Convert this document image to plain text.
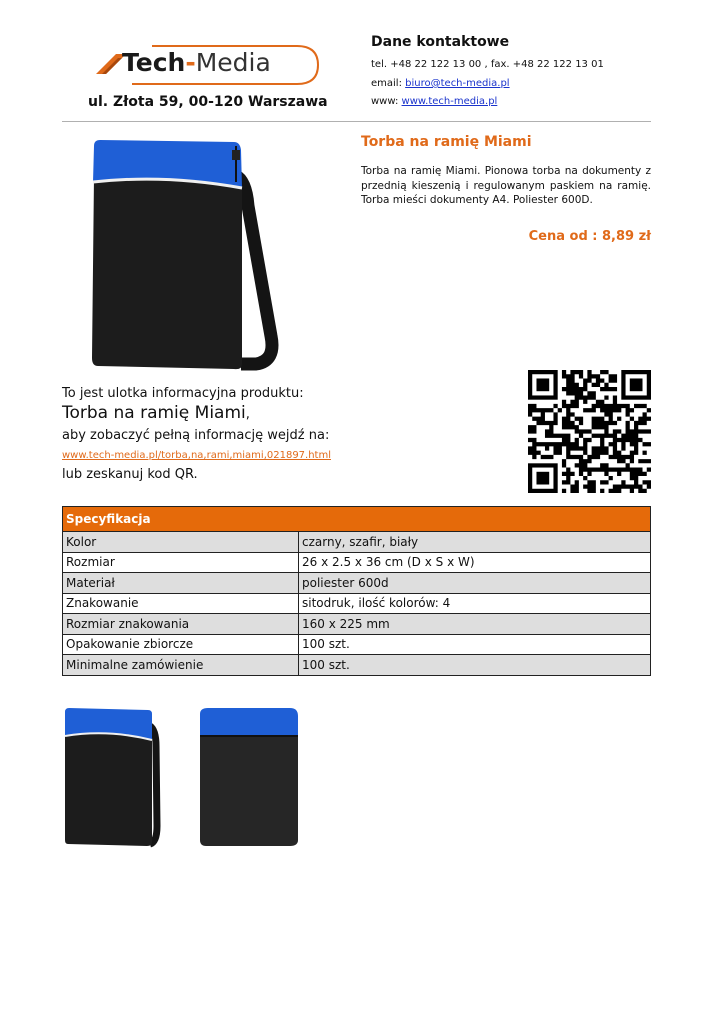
Tech-Media
ul. Złota 59, 00-120 Warszawa
Dane kontaktowe
tel. +48 22 122 13 00 , fax. +48 22 122 13 01
email: biuro@tech-media.pl
www: www.tech-media.pl
Torba na ramię Miami
Torba na ramię Miami. Pionowa torba na dokumenty z przednią kieszenią i regulowanym paskiem na ramię. Torba mieści dokumenty A4. Poliester 600D.
Cena od : 8,89 zł
To jest ulotka informacyjna produktu:
Torba na ramię Miami,
aby zobaczyć pełną informację wejdź na:
www.tech-media.pl/torba,na,rami,miami,021897.html
lub zeskanuj kod QR.
Specyfikacja	
Kolor	czarny, szafir, biały
Rozmiar	26 x 2.5 x 36 cm (D x S x W)
Materiał	poliester 600d
Znakowanie	sitodruk, ilość kolorów: 4
Rozmiar znakowania	160 x 225 mm
Opakowanie zbiorcze	100 szt.
Minimalne zamówienie	100 szt.
